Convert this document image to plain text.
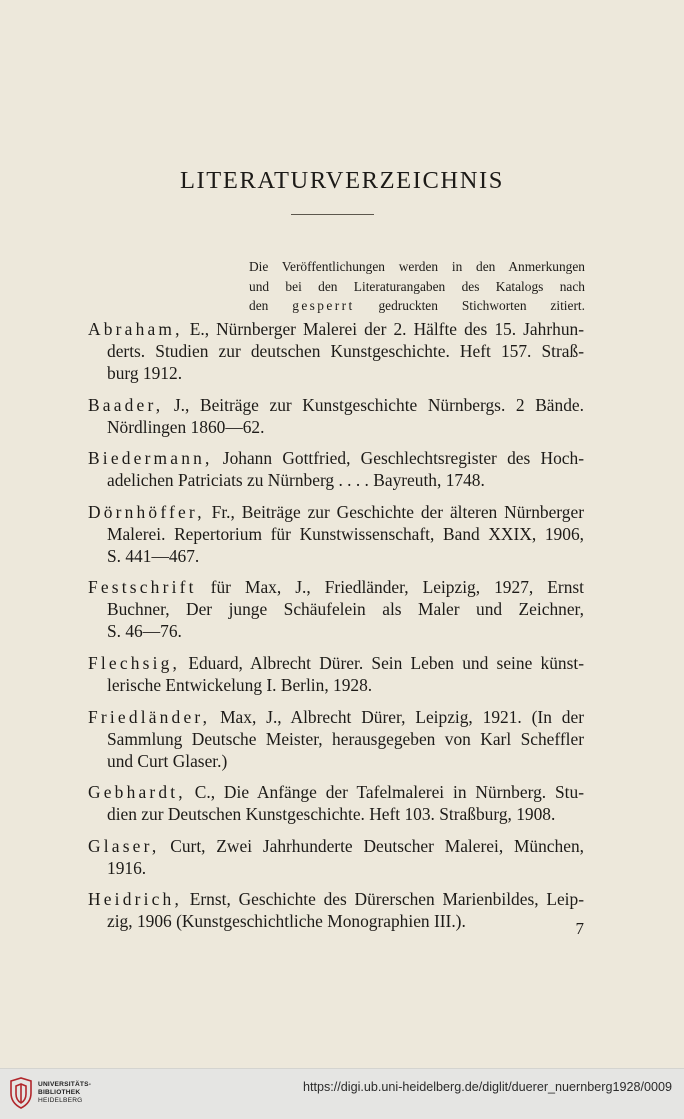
LITERATURVERZEICHNIS
Die Veröffentlichungen werden in den Anmerkungen
und bei den Literaturangaben des Katalogs nach
den gesperrt gedruckten Stichworten zitiert.
Abraham, E., Nürnberger Malerei der 2. Hälfte des 15. Jahrhun-
derts. Studien zur deutschen Kunstgeschichte. Heft 157. Straß-
burg 1912.
Baader, J., Beiträge zur Kunstgeschichte Nürnbergs. 2 Bände.
Nördlingen 1860—62.
Biedermann, Johann Gottfried, Geschlechtsregister des Hoch-
adelichen Patriciats zu Nürnberg . . . . Bayreuth, 1748.
Dörnhöffer, Fr., Beiträge zur Geschichte der älteren Nürnberger
Malerei. Repertorium für Kunstwissenschaft, Band XXIX, 1906,
S. 441—467.
Festschrift für Max, J., Friedländer, Leipzig, 1927, Ernst
Buchner, Der junge Schäufelein als Maler und Zeichner,
S. 46—76.
Flechsig, Eduard, Albrecht Dürer. Sein Leben und seine künst-
lerische Entwickelung I. Berlin, 1928.
Friedländer, Max, J., Albrecht Dürer, Leipzig, 1921. (In der
Sammlung Deutsche Meister, herausgegeben von Karl Scheffler
und Curt Glaser.)
Gebhardt, C., Die Anfänge der Tafelmalerei in Nürnberg. Stu-
dien zur Deutschen Kunstgeschichte. Heft 103. Straßburg, 1908.
Glaser, Curt, Zwei Jahrhunderte Deutscher Malerei, München,
1916.
Heidrich, Ernst, Geschichte des Dürerschen Marienbildes, Leip-
zig, 1906 (Kunstgeschichtliche Monographien III.).	7
UNIVERSITÄTS-
BIBLIOTHEK
HEIDELBERG
https://digi.ub.uni-heidelberg.de/diglit/duerer_nuernberg1928/0009
